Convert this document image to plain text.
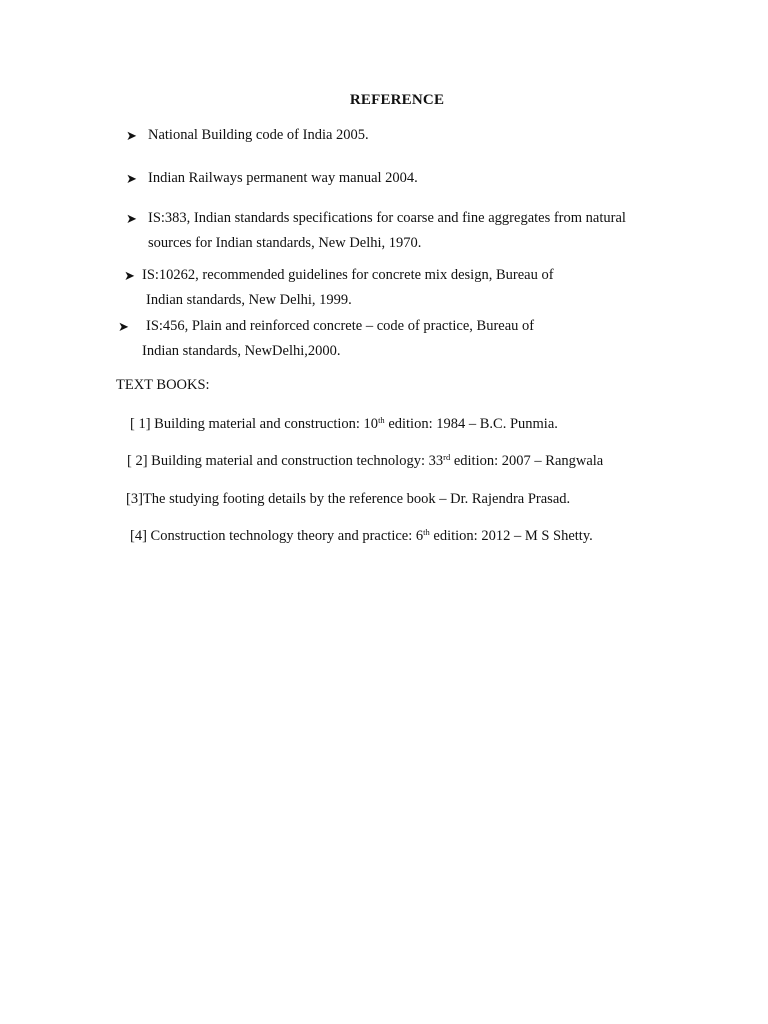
REFERENCE
➤ National Building code of India 2005.
➤ Indian Railways permanent way manual 2004.
➤ IS:383, Indian standards specifications for coarse and fine aggregates from natural
sources for Indian standards, New Delhi, 1970.
➤ IS:10262, recommended guidelines for concrete mix design, Bureau of
Indian standards, New Delhi, 1999.
➤	IS:456, Plain and reinforced concrete – code of practice, Bureau of
Indian standards, NewDelhi,2000.
TEXT BOOKS:
[ 1] Building material and construction: 10th edition: 1984 – B.C. Punmia.
[ 2] Building material and construction technology: 33rd edition: 2007 – Rangwala
[3]The studying footing details by the reference book – Dr. Rajendra Prasad.
[4] Construction technology theory and practice: 6th edition: 2012 – M S Shetty.
